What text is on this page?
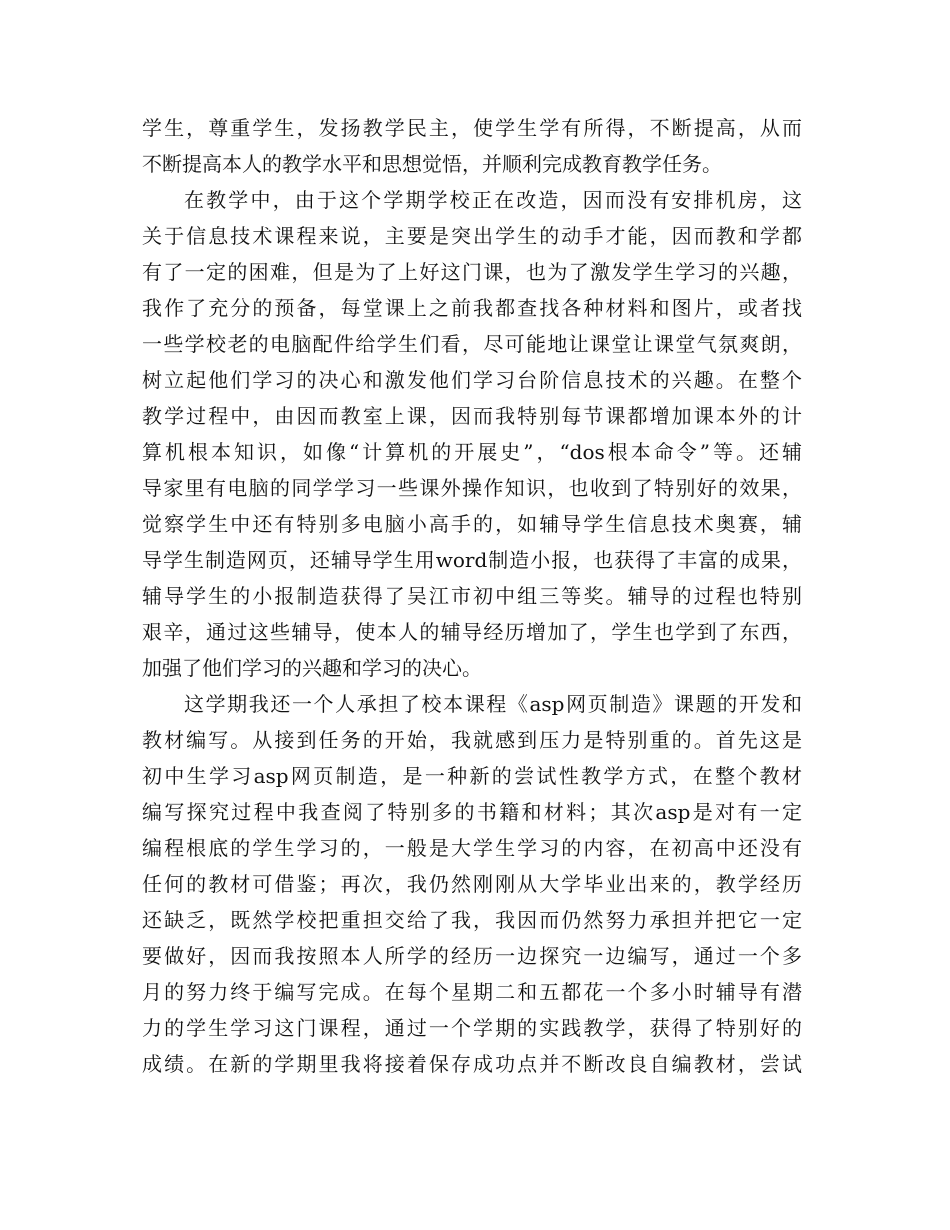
学生，尊重学生，发扬教学民主，使学生学有所得，不断提高，从而
不断提高本人的教学水平和思想觉悟，并顺利完成教育教学任务。
在教学中，由于这个学期学校正在改造，因而没有安排机房，这
关于信息技术课程来说，主要是突出学生的动手才能，因而教和学都
有了一定的困难，但是为了上好这门课，也为了激发学生学习的兴趣，
我作了充分的预备，每堂课上之前我都查找各种材料和图片，或者找
一些学校老的电脑配件给学生们看，尽可能地让课堂让课堂气氛爽朗，
树立起他们学习的决心和激发他们学习台阶信息技术的兴趣。在整个
教学过程中，由因而教室上课，因而我特别每节课都增加课本外的计
算机根本知识，如像“计算机的开展史”，“dos根本命令”等。还辅
导家里有电脑的同学学习一些课外操作知识，也收到了特别好的效果，
觉察学生中还有特别多电脑小高手的，如辅导学生信息技术奥赛，辅
导学生制造网页，还辅导学生用word制造小报，也获得了丰富的成果，
辅导学生的小报制造获得了吴江市初中组三等奖。辅导的过程也特别
艰辛，通过这些辅导，使本人的辅导经历增加了，学生也学到了东西，
加强了他们学习的兴趣和学习的决心。
这学期我还一个人承担了校本课程《asp网页制造》课题的开发和
教材编写。从接到任务的开始，我就感到压力是特别重的。首先这是
初中生学习asp网页制造，是一种新的尝试性教学方式，在整个教材
编写探究过程中我查阅了特别多的书籍和材料；其次asp是对有一定
编程根底的学生学习的，一般是大学生学习的内容，在初高中还没有
任何的教材可借鉴；再次，我仍然刚刚从大学毕业出来的，教学经历
还缺乏，既然学校把重担交给了我，我因而仍然努力承担并把它一定
要做好，因而我按照本人所学的经历一边探究一边编写，通过一个多
月的努力终于编写完成。在每个星期二和五都花一个多小时辅导有潜
力的学生学习这门课程，通过一个学期的实践教学，获得了特别好的
成绩。在新的学期里我将接着保存成功点并不断改良自编教材，尝试
